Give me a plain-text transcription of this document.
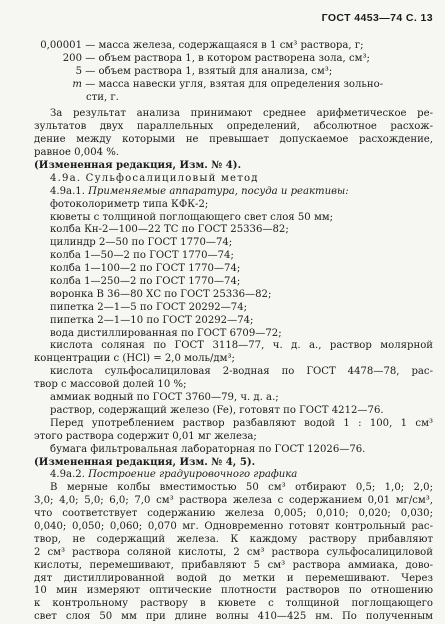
ГОСТ 4453—74 С. 13
0,00001 — масса железа, содержащаяся в 1 см³ раствора, г;
200 — объем раствора 1, в котором растворена зола, см³;
5 — объем раствора 1, взятый для анализа, см³;
m — масса навески угля, взятая для определения зольно-
сти, г.
За результат анализа принимают среднее арифметическое ре-
зультатов двух параллельных определений, абсолютное расхож-
дение между которыми не превышает допускаемое расхождение,
равное 0,004 %.
(Измененная редакция, Изм. № 4).
4.9а. Сульфосалициловый метод
4.9а.1. Применяемые аппаратура, посуда и реактивы:
фотоколориметр типа КФК-2;
кюветы с толщиной поглощающего свет слоя 50 мм;
колба Кн-2—100—22 ТС по ГОСТ 25336—82;
цилиндр 2—50 по ГОСТ 1770—74;
колба 1—50—2 по ГОСТ 1770—74;
колба 1—100—2 по ГОСТ 1770—74;
колба 1—250—2 по ГОСТ 1770—74;
воронка В 36—80 ХС по ГОСТ 25336—82;
пипетка 2—1—5 по ГОСТ 20292—74;
пипетка 2—1—10 по ГОСТ 20292—74;
вода дистиллированная по ГОСТ 6709—72;
кислота соляная по ГОСТ 3118—77, ч. д. а., раствор молярной
концентрации c (HCl) = 2,0 моль/дм³;
кислота сульфосалициловая 2-водная по ГОСТ 4478—78, рас-
твор с массовой долей 10 %;
аммиак водный по ГОСТ 3760—79, ч. д. а.;
раствор, содержащий железо (Fe), готовят по ГОСТ 4212—76.
Перед употреблением раствор разбавляют водой 1 : 100, 1 см³
этого раствора содержит 0,01 мг железа;
бумага фильтровальная лабораторная по ГОСТ 12026—76.
(Измененная редакция, Изм. № 4, 5).
4.9а.2. Построение градуировочного графика
В мерные колбы вместимостью 50 см³ отбирают 0,5; 1,0; 2,0;
3,0; 4,0; 5,0; 6,0; 7,0 см³ раствора железа с содержанием 0,01 мг/см³,
что соответствует содержанию железа 0,005; 0,010; 0,020; 0,030;
0,040; 0,050; 0,060; 0,070 мг. Одновременно готовят контрольный рас-
твор, не содержащий железа. К каждому раствору прибавляют
2 см³ раствора соляной кислоты, 2 см³ раствора сульфосалициловой
кислоты, перемешивают, прибавляют 5 см³ раствора аммиака, дово-
дят дистиллированной водой до метки и перемешивают. Через
10 мин измеряют оптические плотности растворов по отношению
к контрольному раствору в кювете с толщиной поглощающего
свет слоя 50 мм при длине волны 410—425 нм. По полученным
